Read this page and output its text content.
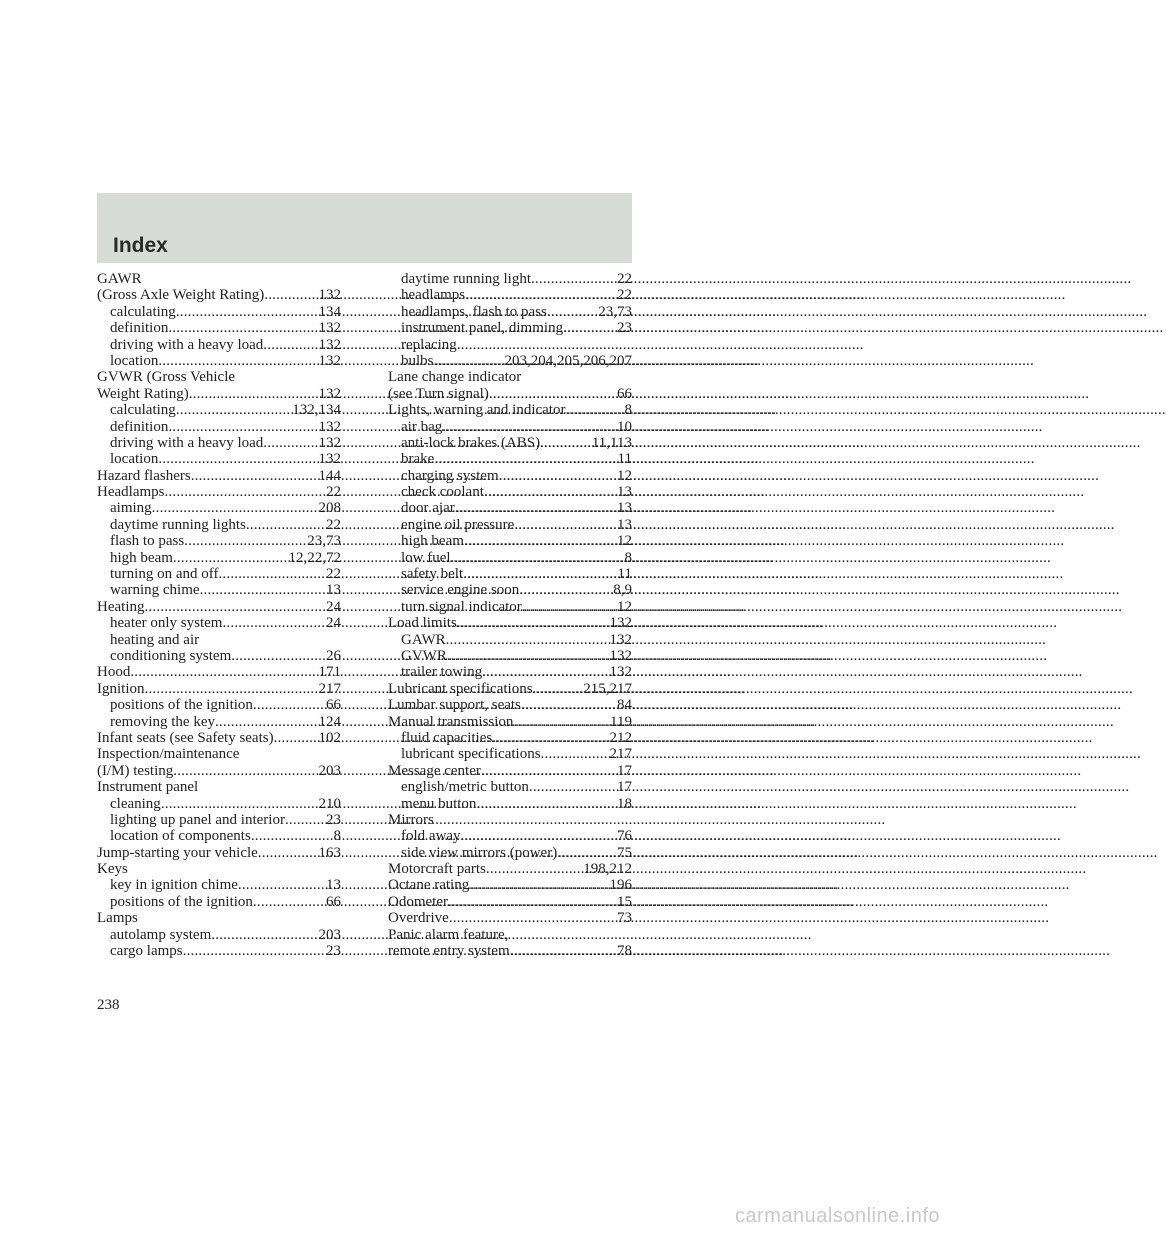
Index
GAWR
(Gross Axle Weight Rating) .....	132
calculating .....	134
definition .....	132
driving with a heavy load .....	132
location .....	132
GVWR (Gross Vehicle
Weight Rating) .....	132
calculating .....	132,134
definition .....	132
driving with a heavy load .....	132
location .....	132
Hazard flashers .....	144
Headlamps .....	22
aiming .....	208
daytime running lights .....	22
flash to pass .....	23,73
high beam .....	12,22,72
turning on and off .....	22
warning chime .....	13
Heating .....	24
heater only system .....	24
heating and air
conditioning system .....	26
Hood .....	171
Ignition .....	217
positions of the ignition .....	66
removing the key .....	124
Infant seats (see Safety seats) .....	102
Inspection/maintenance
(I/M) testing .....	203
Instrument panel
cleaning .....	210
lighting up panel and interior .....	23
location of components .....	8
Jump-starting your vehicle .....	163
Keys
key in ignition chime .....	13
positions of the ignition .....	66
Lamps
autolamp system .....	203
cargo lamps .....	23
daytime running light .....	22
headlamps .....	22
headlamps, flash to pass .....	23,73
instrument panel, dimming .....	23
replacing
bulbs .....	203,204,205,206,207
Lane change indicator
(see Turn signal) .....	66
Lights, warning and indicator .....	8
air bag .....	10
anti-lock brakes (ABS) .....	11,113
brake .....	11
charging system .....	12
check coolant .....	13
door ajar .....	13
engine oil pressure .....	13
high beam .....	12
low fuel .....	8
safety belt .....	11
service engine soon .....	8,9
turn signal indicator .....	12
Load limits .....	132
GAWR .....	132
GVWR .....	132
trailer towing .....	132
Lubricant specifications .....	215,217
Lumbar support, seats .....	84
Manual transmission .....	119
fluid capacities .....	212
lubricant specifications .....	217
Message center .....	17
english/metric button .....	17
menu button .....	18
Mirrors
fold away .....	76
side view mirrors (power) .....	75
Motorcraft parts .....	198,212
Octane rating .....	196
Odometer .....	15
Overdrive .....	73
Panic alarm feature,
remote entry system .....	78
238
carmanualsonline.info
